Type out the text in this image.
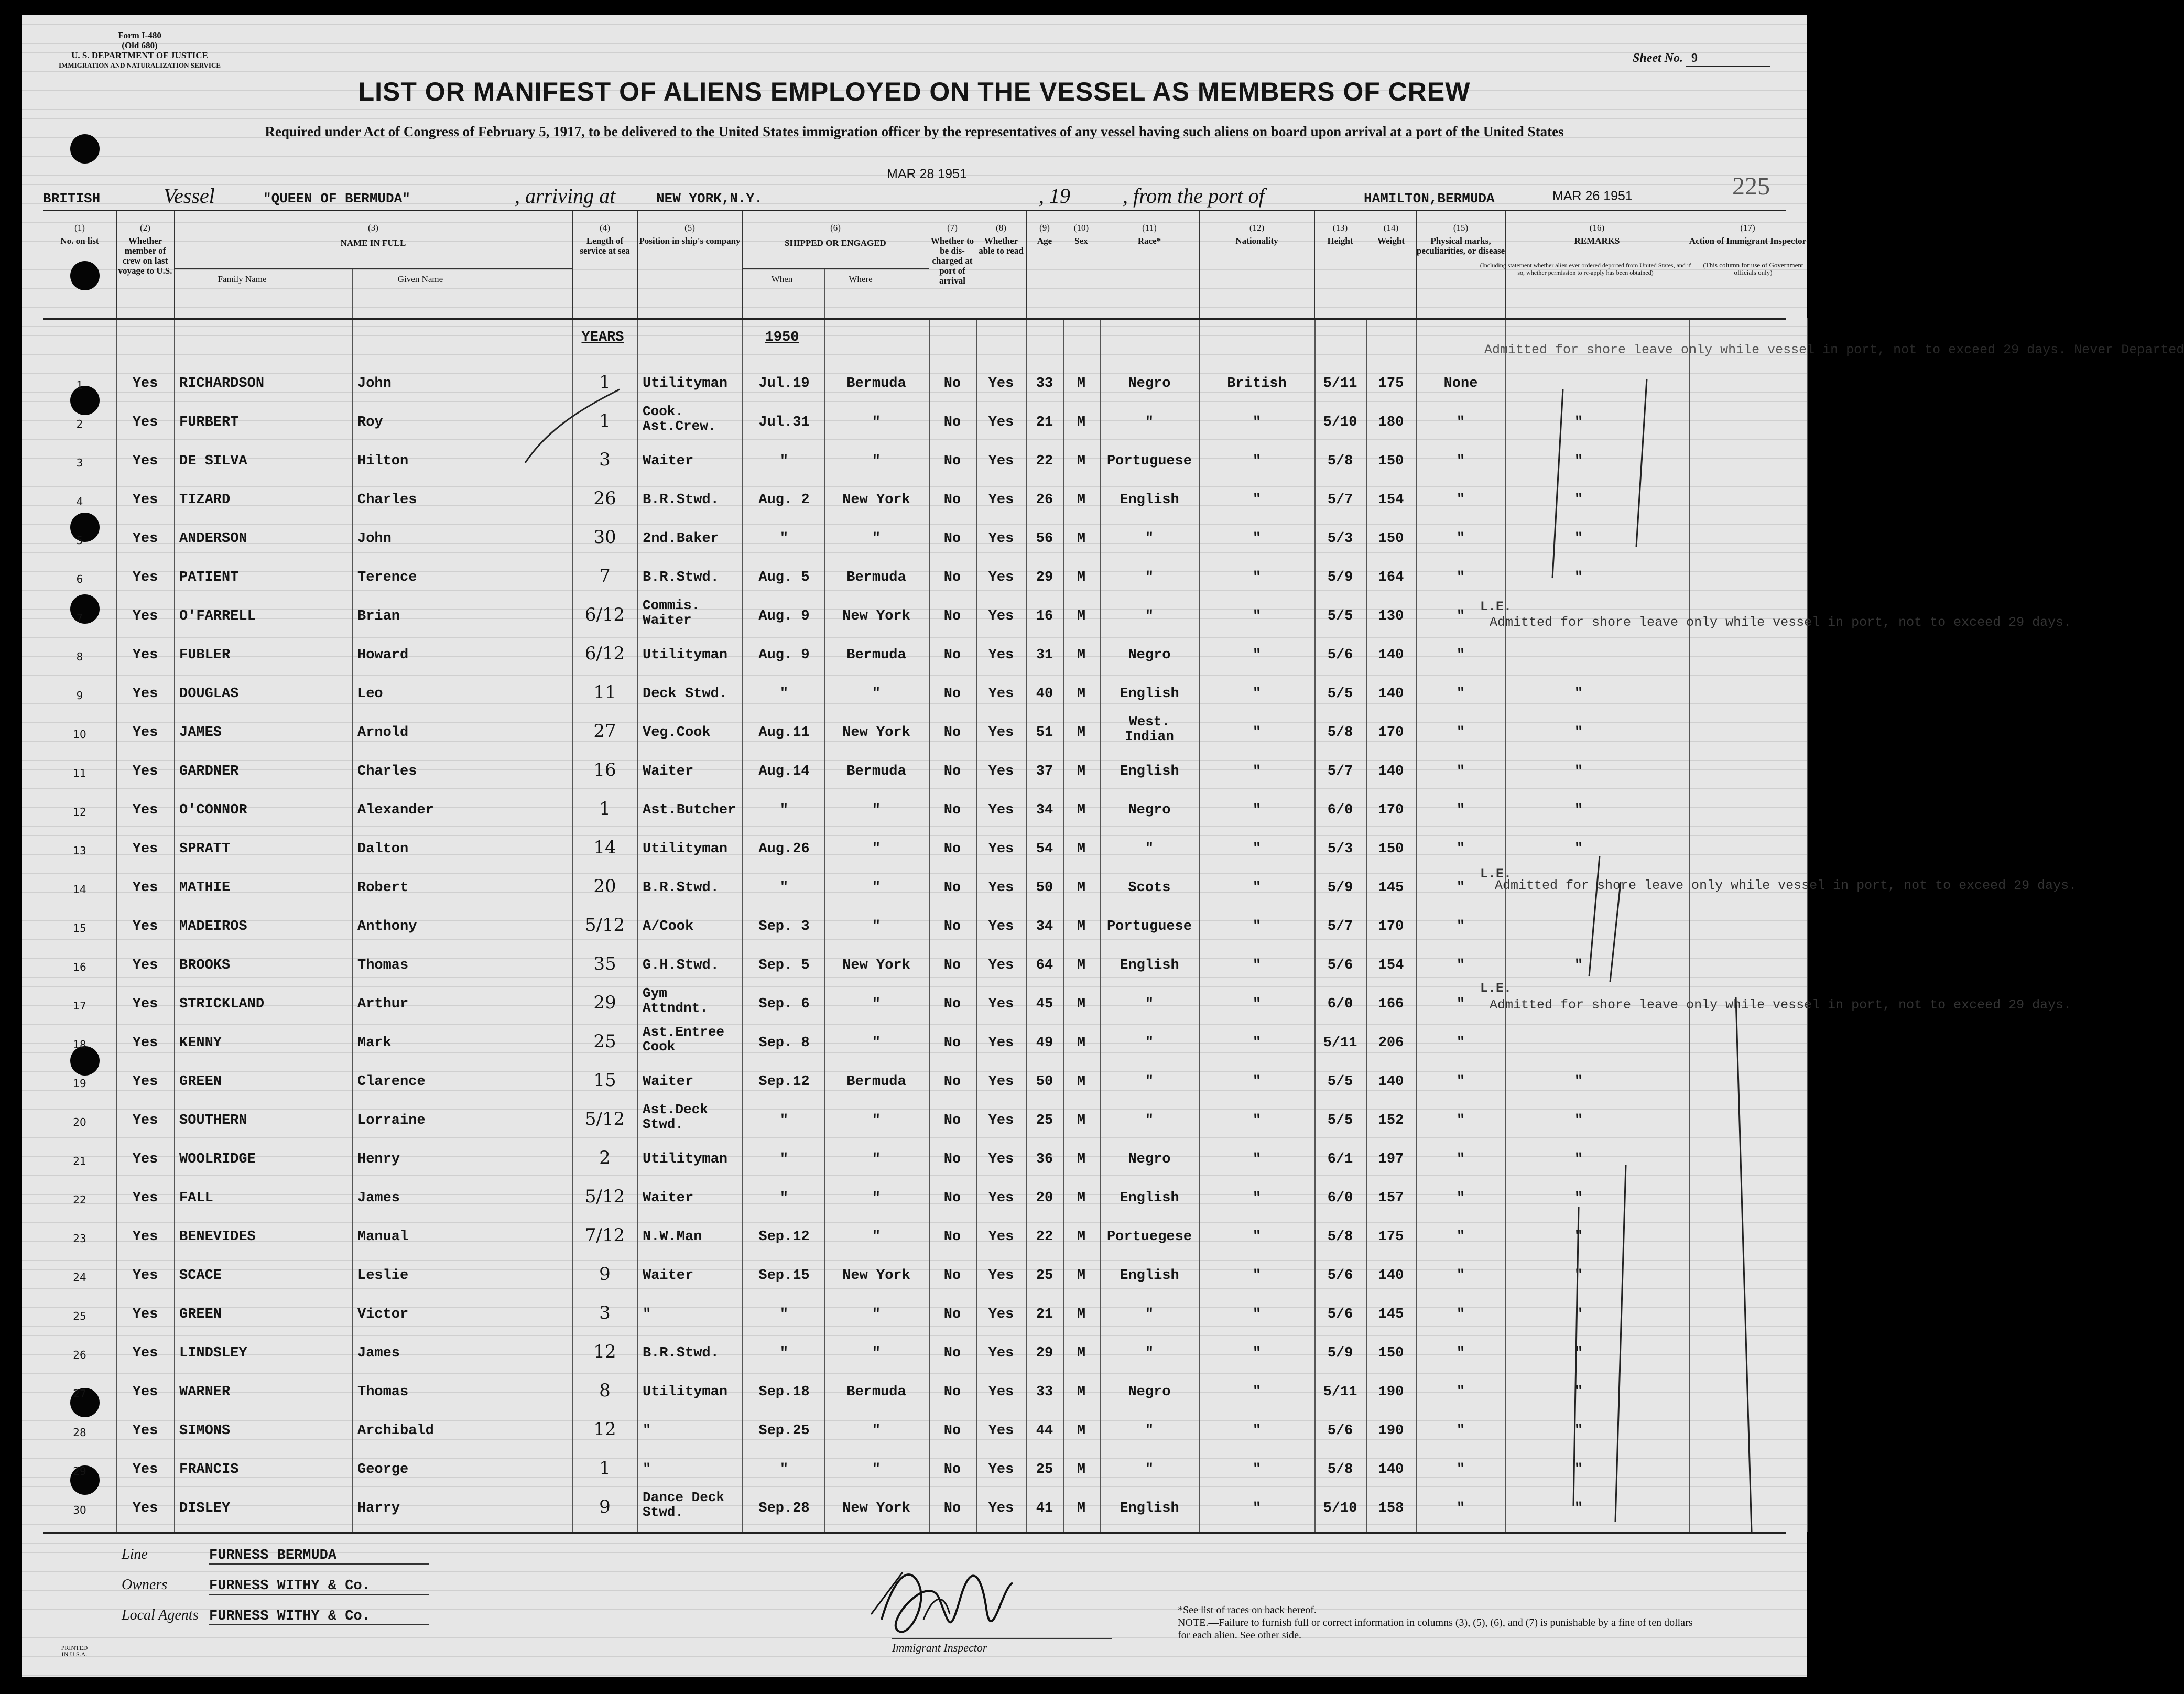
Form I-480
(Old 680)
U. S. DEPARTMENT OF JUSTICE
IMMIGRATION AND NATURALIZATION SERVICE
Sheet No. 9
LIST OR MANIFEST OF ALIENS EMPLOYED ON THE VESSEL AS MEMBERS OF CREW
Required under Act of Congress of February 5, 1917, to be delivered to the United States immigration officer by the representatives of any vessel having such aliens on board upon arrival at a port of the United States
BRITISH	Vessel	"QUEEN OF BERMUDA"	, arriving at	NEW YORK,N.Y.
MAR 28 1951
, 19	, from the port of	HAMILTON,BERMUDA	MAR 26 1951	225
(1)
No. on list
(2)
Whether member of crew on last voyage to U.S.
(3)
NAME IN FULL
(4)
Length of service at sea
(5)
Position in ship's company
(6)
SHIPPED OR ENGAGED
(7)
Whether to be dis-charged at port of arrival
(8)
Whether able to read
(9)
Age
(10)
Sex
(11)
Race*
(12)
Nationality
(13)
Height
(14)
Weight
(15)
Physical marks, peculiarities, or disease
(16)
REMARKS
(17)
Action of Immigrant Inspector
Family Name	Given Name	When	Where
(Including statement whether alien ever ordered deported from United States, and if so, whether permission to re-apply has been obtained)
(This column for use of Government officials only)
YEARS	1950
1	Yes	RICHARDSON	John	1	Utilityman	Jul.19	Bermuda	No	Yes	33	M	Negro	British	5/11	175	None
2	Yes	FURBERT	Roy	1	Cook.
Ast.Crew.	Jul.31	"	No	Yes	21	M	"	"	5/10	180	"	"
3	Yes	DE SILVA	Hilton	3	Waiter	"	"	No	Yes	22	M	Portuguese	"	5/8	150	"	"
4	Yes	TIZARD	Charles	26	B.R.Stwd.	Aug. 2	New York	No	Yes	26	M	English	"	5/7	154	"	"
5	Yes	ANDERSON	John	30	2nd.Baker	"	"	No	Yes	56	M	"	"	5/3	150	"	"
6	Yes	PATIENT	Terence	7	B.R.Stwd.	Aug. 5	Bermuda	No	Yes	29	M	"	"	5/9	164	"	"
7	Yes	O'FARRELL	Brian	6/12	Commis.
Waiter	Aug. 9	New York	No	Yes	16	M	"	"	5/5	130	"
8	Yes	FUBLER	Howard	6/12	Utilityman	Aug. 9	Bermuda	No	Yes	31	M	Negro	"	5/6	140	"
9	Yes	DOUGLAS	Leo	11	Deck Stwd.	"	"	No	Yes	40	M	English	"	5/5	140	"	"
10	Yes	JAMES	Arnold	27	Veg.Cook	Aug.11	New York	No	Yes	51	M
West.
Indian	"	5/8	170	"	"
11	Yes	GARDNER	Charles	16	Waiter	Aug.14	Bermuda	No	Yes	37	M	English	"	5/7	140	"	"
12	Yes	O'CONNOR	Alexander	1	Ast.Butcher	"	"	No	Yes	34	M	Negro	"	6/0	170	"	"
13	Yes	SPRATT	Dalton	14	Utilityman	Aug.26	"	No	Yes	54	M	"	"	5/3	150	"	"
14	Yes	MATHIE	Robert	20	B.R.Stwd.	"	"	No	Yes	50	M	Scots	"	5/9	145	"
15	Yes	MADEIROS	Anthony	5/12	A/Cook	Sep. 3	"	No	Yes	34	M	Portuguese	"	5/7	170	"
16	Yes	BROOKS	Thomas	35	G.H.Stwd.	Sep. 5	New York	No	Yes	64	M	English	"	5/6	154	"	"
17	Yes	STRICKLAND	Arthur	29	Gym
Attndnt.	Sep. 6	"	No	Yes	45	M	"	"	6/0	166	"
18	Yes	KENNY	Mark	25	Ast.Entree
Cook	Sep. 8	"	No	Yes	49	M	"	"	5/11	206	"
19	Yes	GREEN	Clarence	15	Waiter	Sep.12	Bermuda	No	Yes	50	M	"	"	5/5	140	"	"
20	Yes	SOUTHERN	Lorraine	5/12	Ast.Deck
Stwd.	"	"	No	Yes	25	M	"	"	5/5	152	"	"
21	Yes	WOOLRIDGE	Henry	2	Utilityman	"	"	No	Yes	36	M	Negro	"	6/1	197	"	"
22	Yes	FALL	James	5/12	Waiter	"	"	No	Yes	20	M	English	"	6/0	157	"	"
23	Yes	BENEVIDES	Manual	7/12	N.W.Man	Sep.12	"	No	Yes	22	M	Portuegese	"	5/8	175	"	"
24	Yes	SCACE	Leslie	9	Waiter	Sep.15	New York	No	Yes	25	M	English	"	5/6	140	"	"
25	Yes	GREEN	Victor	3	"	"	"	No	Yes	21	M	"	"	5/6	145	"	"
26	Yes	LINDSLEY	James	12	B.R.Stwd.	"	"	No	Yes	29	M	"	"	5/9	150	"	"
27	Yes	WARNER	Thomas	8	Utilityman	Sep.18	Bermuda	No	Yes	33	M	Negro	"	5/11	190	"	"
28	Yes	SIMONS	Archibald	12	"	Sep.25	"	No	Yes	44	M	"	"	5/6	190	"	"
29	Yes	FRANCIS	George	1	"	"	"	No	Yes	25	M	"	"	5/8	140	"	"
30	Yes	DISLEY	Harry	9	Dance Deck
Stwd.	Sep.28	New York	No	Yes	41	M	English	"	5/10	158	"	"
Admitted for shore leave only while vessel in port, not to exceed 29 days. Never Departed
L.E.
Admitted for shore leave only while vessel in port, not to exceed 29 days.
L.E.
Admitted for shore leave only while vessel in port, not to exceed 29 days.
L.E.
Admitted for shore leave only while vessel in port, not to exceed 29 days.
Line	FURNESS BERMUDA
Owners	FURNESS WITHY & Co.
Local Agents FURNESS WITHY & Co.
Immigrant Inspector
*See list of races on back hereof.
NOTE.—Failure to furnish full or correct information in columns (3), (5), (6), and (7) is punishable by a fine of ten dollars for each alien. See other side.
PRINTED IN U.S.A.
